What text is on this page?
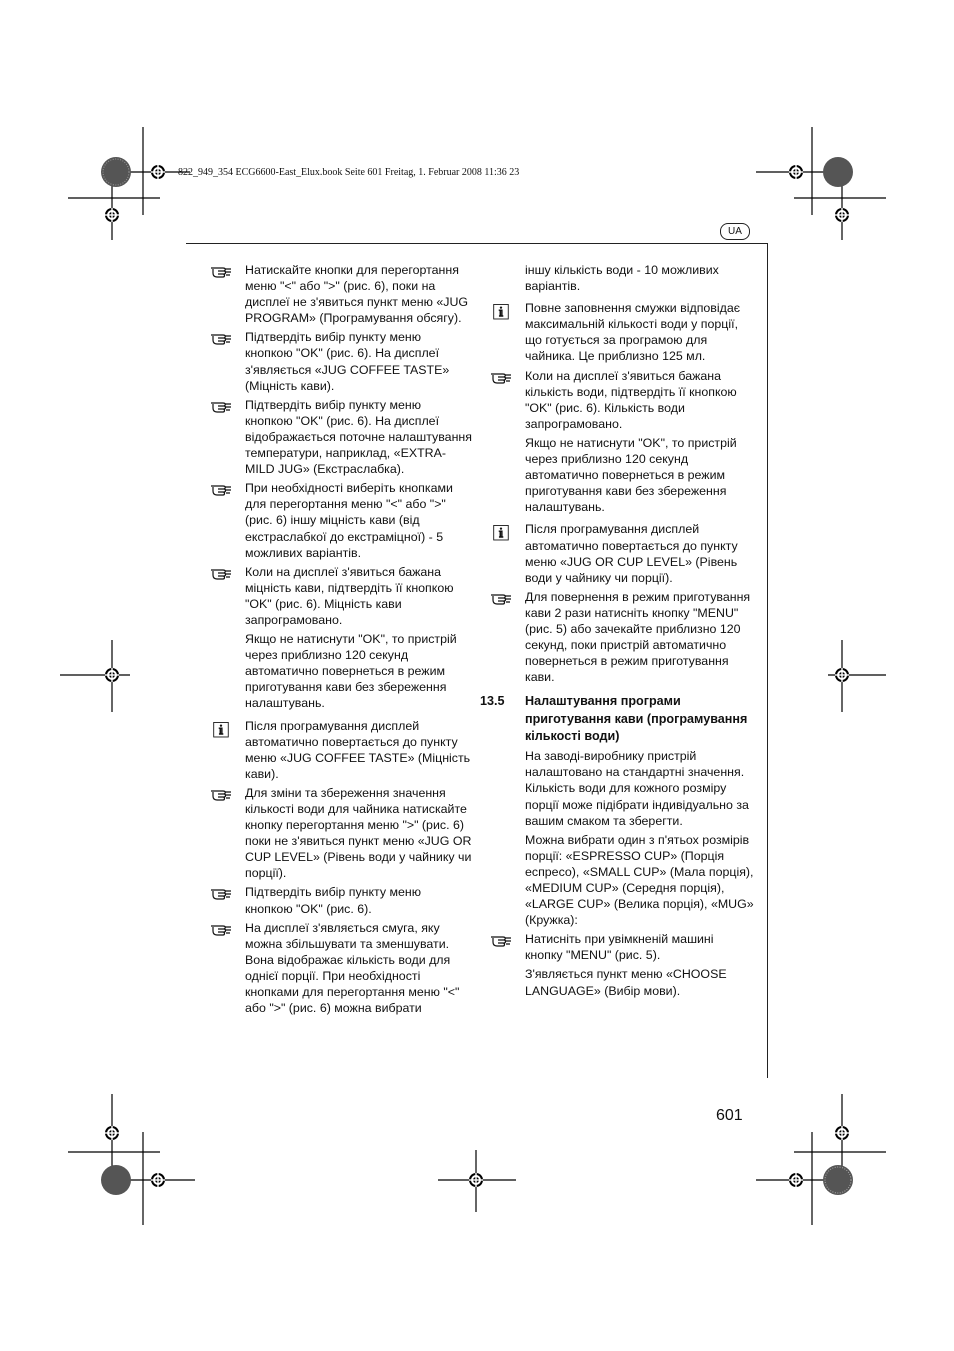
822_949_354 ECG6600-East_Elux.book Seite 601 Freitag, 1. Februar 2008 11:36 23
UA
Натискайте кнопки для перегортання меню "<" або ">" (рис. 6), поки на дисплеї не з'явиться пункт меню «JUG PROGRAM» (Програмування обсягу).
Підтвердіть вибір пункту меню кнопкою "OK" (рис. 6). На дисплеї з'являється «JUG COFFEE TASTE» (Міцність кави).
Підтвердіть вибір пункту меню кнопкою "OK" (рис. 6). На дисплеї відображається поточне налаштування температури, наприклад, «EXTRA-MILD JUG» (Екстраслабка).
При необхідності виберіть кнопками для перегортання меню "<" або ">" (рис. 6) іншу міцність кави (від екстраслабкої до екстраміцної) - 5 можливих варіантів.
Коли на дисплеї з'явиться бажана міцність кави, підтвердіть її кнопкою "OK" (рис. 6). Міцність кави запрограмовано.
Якщо не натиснути "OK", то пристрій через приблизно 120 секунд автоматично повернеться в режим приготування кави без збереження налаштувань.
Після програмування дисплей автоматично повертається до пункту меню «JUG COFFEE TASTE» (Міцність кави).
Для зміни та збереження значення кількості води для чайника натискайте кнопку перегортання меню ">" (рис. 6) поки не з'явиться пункт меню «JUG OR CUP LEVEL» (Рівень води у чайнику чи порції).
Підтвердіть вибір пункту меню кнопкою "OK" (рис. 6).
На дисплеї з'являється смуга, яку можна збільшувати та зменшувати. Вона відображає кількість води для однієї порції. При необхідності кнопками для перегортання меню "<" або ">" (рис. 6) можна вибрати
іншу кількість води - 10 можливих варіантів.
Повне заповнення смужки відповідає максимальній кількості води у порції, що готується за програмою для чайника. Це приблизно 125 мл.
Коли на дисплеї з'явиться бажана кількість води, підтвердіть її кнопкою "OK" (рис. 6). Кількість води запрограмовано.
Якщо не натиснути "OK", то пристрій через приблизно 120 секунд автоматично повернеться в режим приготування кави без збереження налаштувань.
Після програмування дисплей автоматично повертається до пункту меню «JUG OR CUP LEVEL» (Рівень води у чайнику чи порції).
Для повернення в режим приготування кави 2 рази натисніть кнопку "MENU" (рис. 5) або зачекайте приблизно 120 секунд, поки пристрій автоматично повернеться в режим приготування кави.
13.5 Налаштування програми приготування кави (програмування кількості води)
На заводі-виробнику пристрій налаштовано на стандартні значення. Кількість води для кожного розміру порції може підібрати індивідуально за вашим смаком та зберегти.
Можна вибрати один з п'ятьох розмірів порції: «ESPRESSO CUP» (Порція еспресо), «SMALL CUP» (Мала порція), «MEDIUM CUP» (Середня порція), «LARGE CUP» (Велика порція), «MUG» (Кружка):
Натисніть при увімкненій машині кнопку "MENU" (рис. 5).
З'являється пункт меню «CHOOSE LANGUAGE» (Вибір мови).
601
